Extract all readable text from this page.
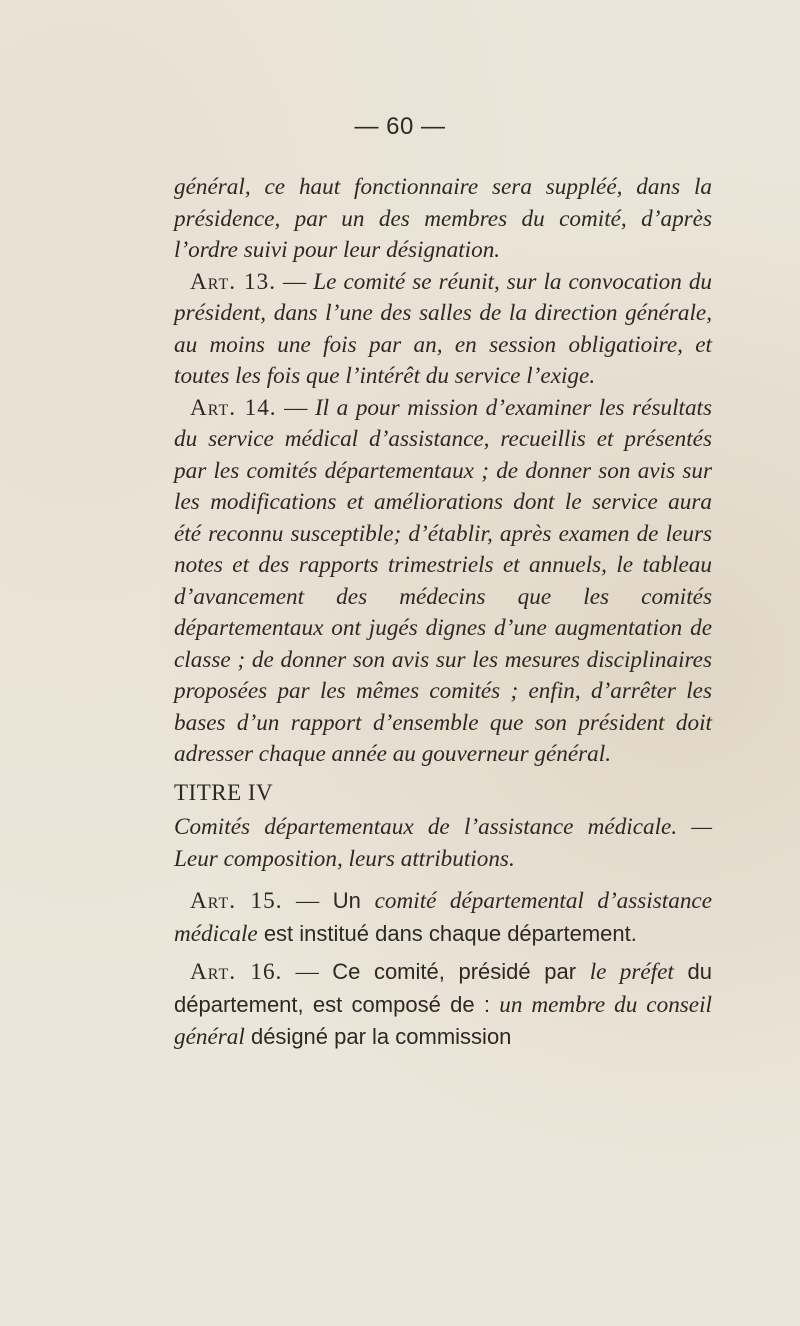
— 60 —

général, ce haut fonctionnaire sera suppléé, dans la présidence, par un des membres du comité, d’après l’ordre suivi pour leur désignation.

Art. 13. — Le comité se réunit, sur la convocation du président, dans l’une des salles de la direction générale, au moins une fois par an, en session obligatioire, et toutes les fois que l’intérêt du service l’exige.

Art. 14. — Il a pour mission d’examiner les résultats du service médical d’assistance, recueillis et présentés par les comités départementaux ; de donner son avis sur les modifications et améliorations dont le service aura été reconnu susceptible; d’établir, après examen de leurs notes et des rapports trimestriels et annuels, le tableau d’avancement des médecins que les comités départementaux ont jugés dignes d’une augmentation de classe ; de donner son avis sur les mesures disciplinaires proposées par les mêmes comités ; enfin, d’arrêter les bases d’un rapport d’ensemble que son président doit adresser chaque année au gouverneur général.

TITRE IV

Comités départementaux de l’assistance médicale. — Leur composition, leurs attributions.

Art. 15. — Un comité départemental d’assistance médicale est institué dans chaque département.

Art. 16. — Ce comité, présidé par le préfet du département, est composé de : un membre du conseil général désigné par la commission
